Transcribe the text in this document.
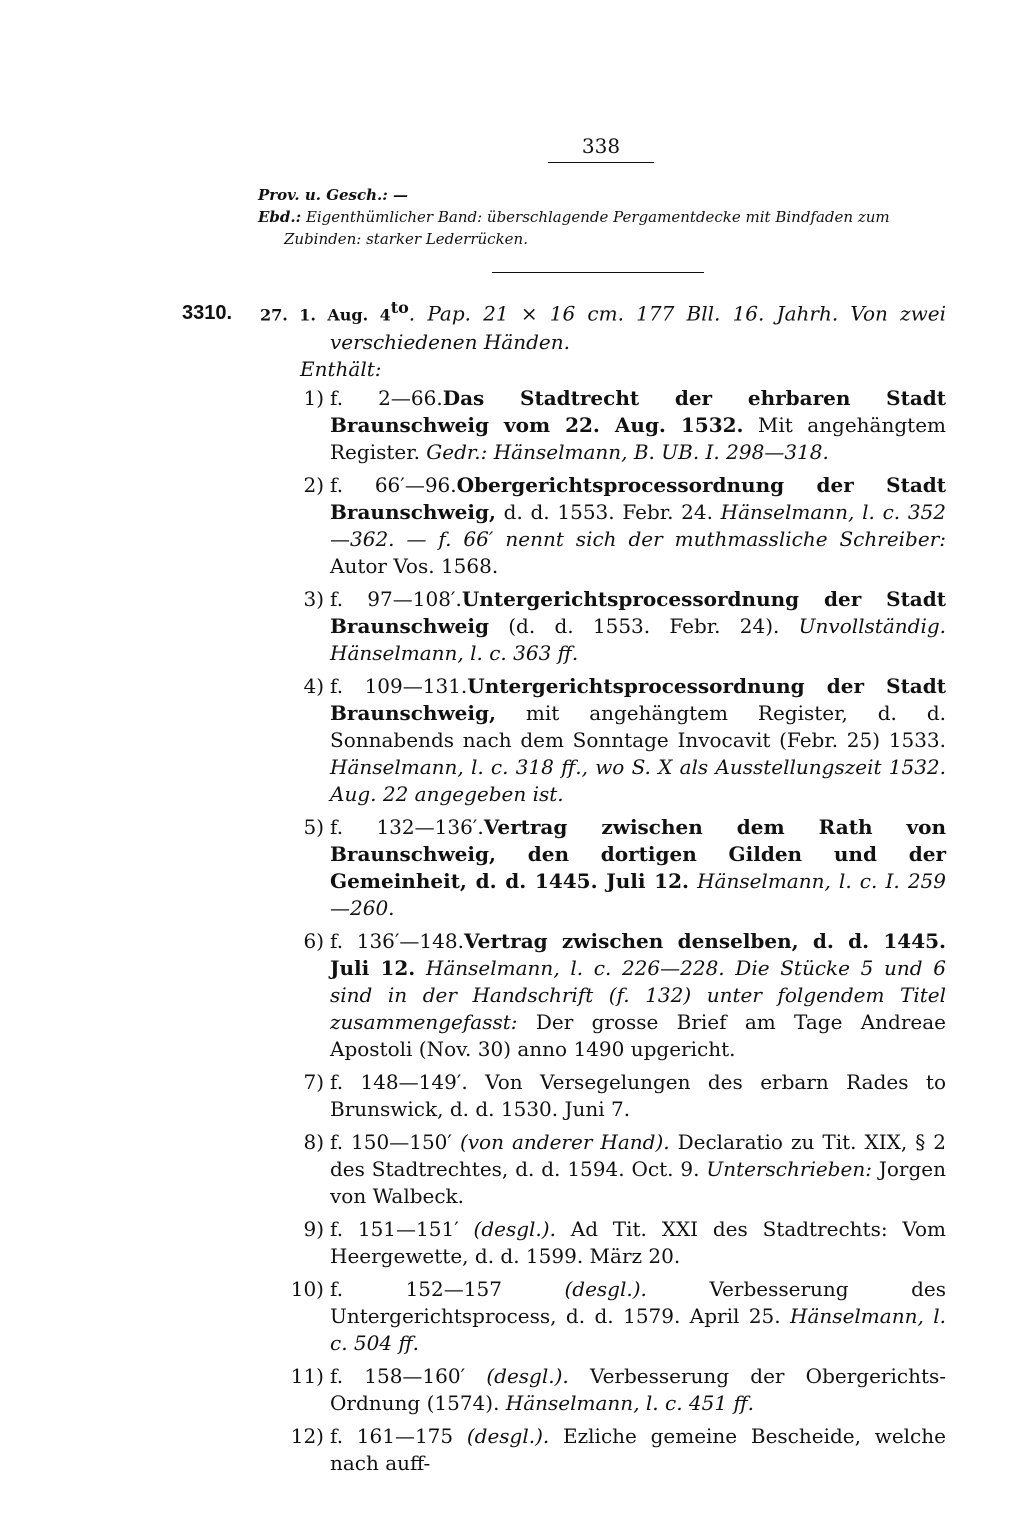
338

Prov. u. Gesch.: —

Ebd.: Eigenthümlicher Band: überschlagende Pergamentdecke mit Bindfaden zum Zubinden: starker Lederrücken.

3310. 27. 1. Aug. $4^{to}$. Pap. 21 × 16 cm. 177 Bll. 16. Jahrh. Von zwei verschiedenen Händen.

Enthält:

1) f. 2—66.Das Stadtrecht der ehrbaren Stadt Braunschweig vom 22. Aug. 1532. Mit angehängtem Register. Gedr.: Hänselmann, B. UB. I. 298—318.
2) f. 66′—96.Obergerichtsprocessordnung der Stadt Braunschweig, d. d. 1553. Febr. 24. Hänselmann, l. c. 352—362. — f. 66′ nennt sich der muthmassliche Schreiber: Autor Vos. 1568.
3) f. 97—108′.Untergerichtsprocessordnung der Stadt Braunschweig (d. d. 1553. Febr. 24). Unvollständig. Hänselmann, l. c. 363 ff.
4) f. 109—131.Untergerichtsprocessordnung der Stadt Braunschweig, mit angehängtem Register, d. d. Sonnabends nach dem Sonntage Invocavit (Febr. 25) 1533. Hänselmann, l. c. 318 ff., wo S. X als Ausstellungszeit 1532. Aug. 22 angegeben ist.
5) f. 132—136′.Vertrag zwischen dem Rath von Braunschweig, den dortigen Gilden und der Gemeinheit, d. d. 1445. Juli 12. Hänselmann, l. c. I. 259—260.
6) f. 136′—148.Vertrag zwischen denselben, d. d. 1445. Juli 12. Hänselmann, l. c. 226—228. Die Stücke 5 und 6 sind in der Handschrift (f. 132) unter folgendem Titel zusammengefasst: Der grosse Brief am Tage Andreae Apostoli (Nov. 30) anno 1490 upgericht.
7) f. 148—149′. Von Versegelungen des erbarn Rades to Brunswick, d. d. 1530. Juni 7.
8) f. 150—150′ (von anderer Hand). Declaratio zu Tit. XIX, § 2 des Stadtrechtes, d. d. 1594. Oct. 9. Unterschrieben: Jorgen von Walbeck.
9) f. 151—151′ (desgl.). Ad Tit. XXI des Stadtrechts: Vom Heergewette, d. d. 1599. März 20.
10) f. 152—157 (desgl.). Verbesserung des Untergerichtsprocess, d. d. 1579. April 25. Hänselmann, l. c. 504 ff.
11) f. 158—160′ (desgl.). Verbesserung der Obergerichts-Ordnung (1574). Hänselmann, l. c. 451 ff.
12) f. 161—175 (desgl.). Ezliche gemeine Bescheide, welche nach auff-
